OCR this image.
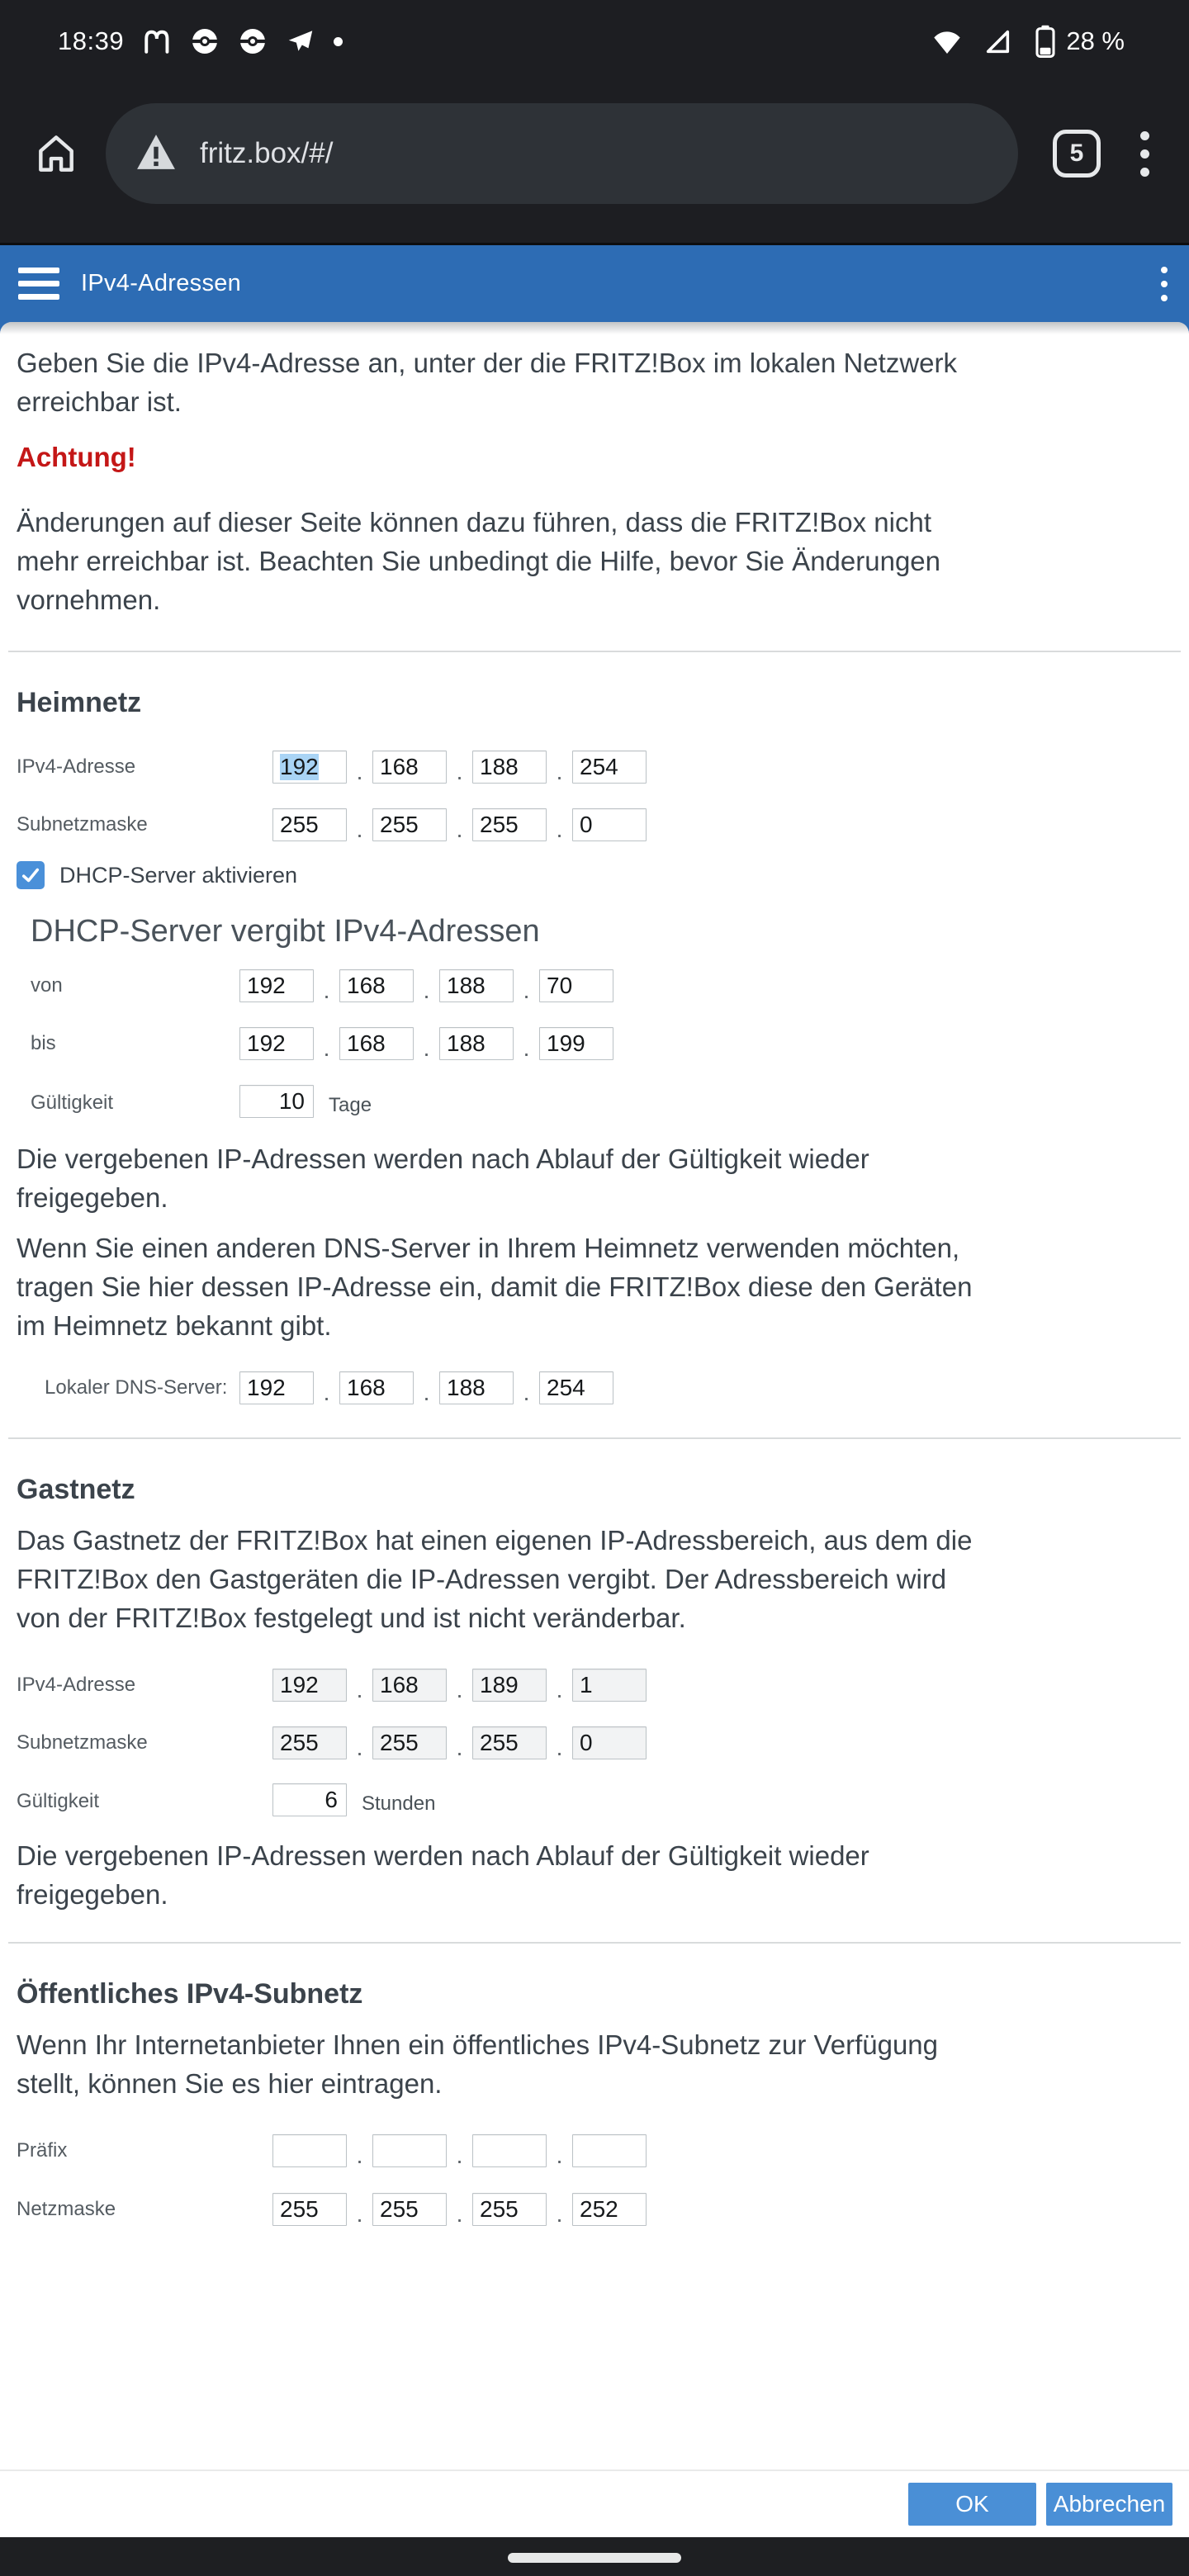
18:39	28 %
fritz.box/#/	5
IPv4-Adressen

Geben Sie die IPv4-Adresse an, unter der die FRITZ!Box im lokalen Netzwerk
erreichbar ist.

Achtung!

Änderungen auf dieser Seite können dazu führen, dass die FRITZ!Box nicht
mehr erreichbar ist. Beachten Sie unbedingt die Hilfe, bevor Sie Änderungen
vornehmen.

Heimnetz
IPv4-Adresse	192	. 168	. 188	. 254
Subnetzmaske	255	. 255	. 255	. 0
DHCP-Server aktivieren
DHCP-Server vergibt IPv4-Adressen
von	192	. 168	. 188	. 70
bis	192	. 168	. 188	. 199
Gültigkeit	10 Tage

Die vergebenen IP-Adressen werden nach Ablauf der Gültigkeit wieder
freigegeben.

Wenn Sie einen anderen DNS-Server in Ihrem Heimnetz verwenden möchten,
tragen Sie hier dessen IP-Adresse ein, damit die FRITZ!Box diese den Geräten
im Heimnetz bekannt gibt.

Lokaler DNS-Server: 192	. 168	. 188	. 254
Gastnetz

Das Gastnetz der FRITZ!Box hat einen eigenen IP-Adressbereich, aus dem die
FRITZ!Box den Gastgeräten die IP-Adressen vergibt. Der Adressbereich wird
von der FRITZ!Box festgelegt und ist nicht veränderbar.

IPv4-Adresse	192	. 168	. 189	. 1
Subnetzmaske	255	. 255	. 255	. 0
Gültigkeit	6 Stunden

Die vergebenen IP-Adressen werden nach Ablauf der Gültigkeit wieder
freigegeben.

Öffentliches IPv4-Subnetz

Wenn Ihr Internetanbieter Ihnen ein öffentliches IPv4-Subnetz zur Verfügung
stellt, können Sie es hier eintragen.

Präfix	.	.	.
Netzmaske	255	. 255	. 255	. 252
OK	Abbrechen
